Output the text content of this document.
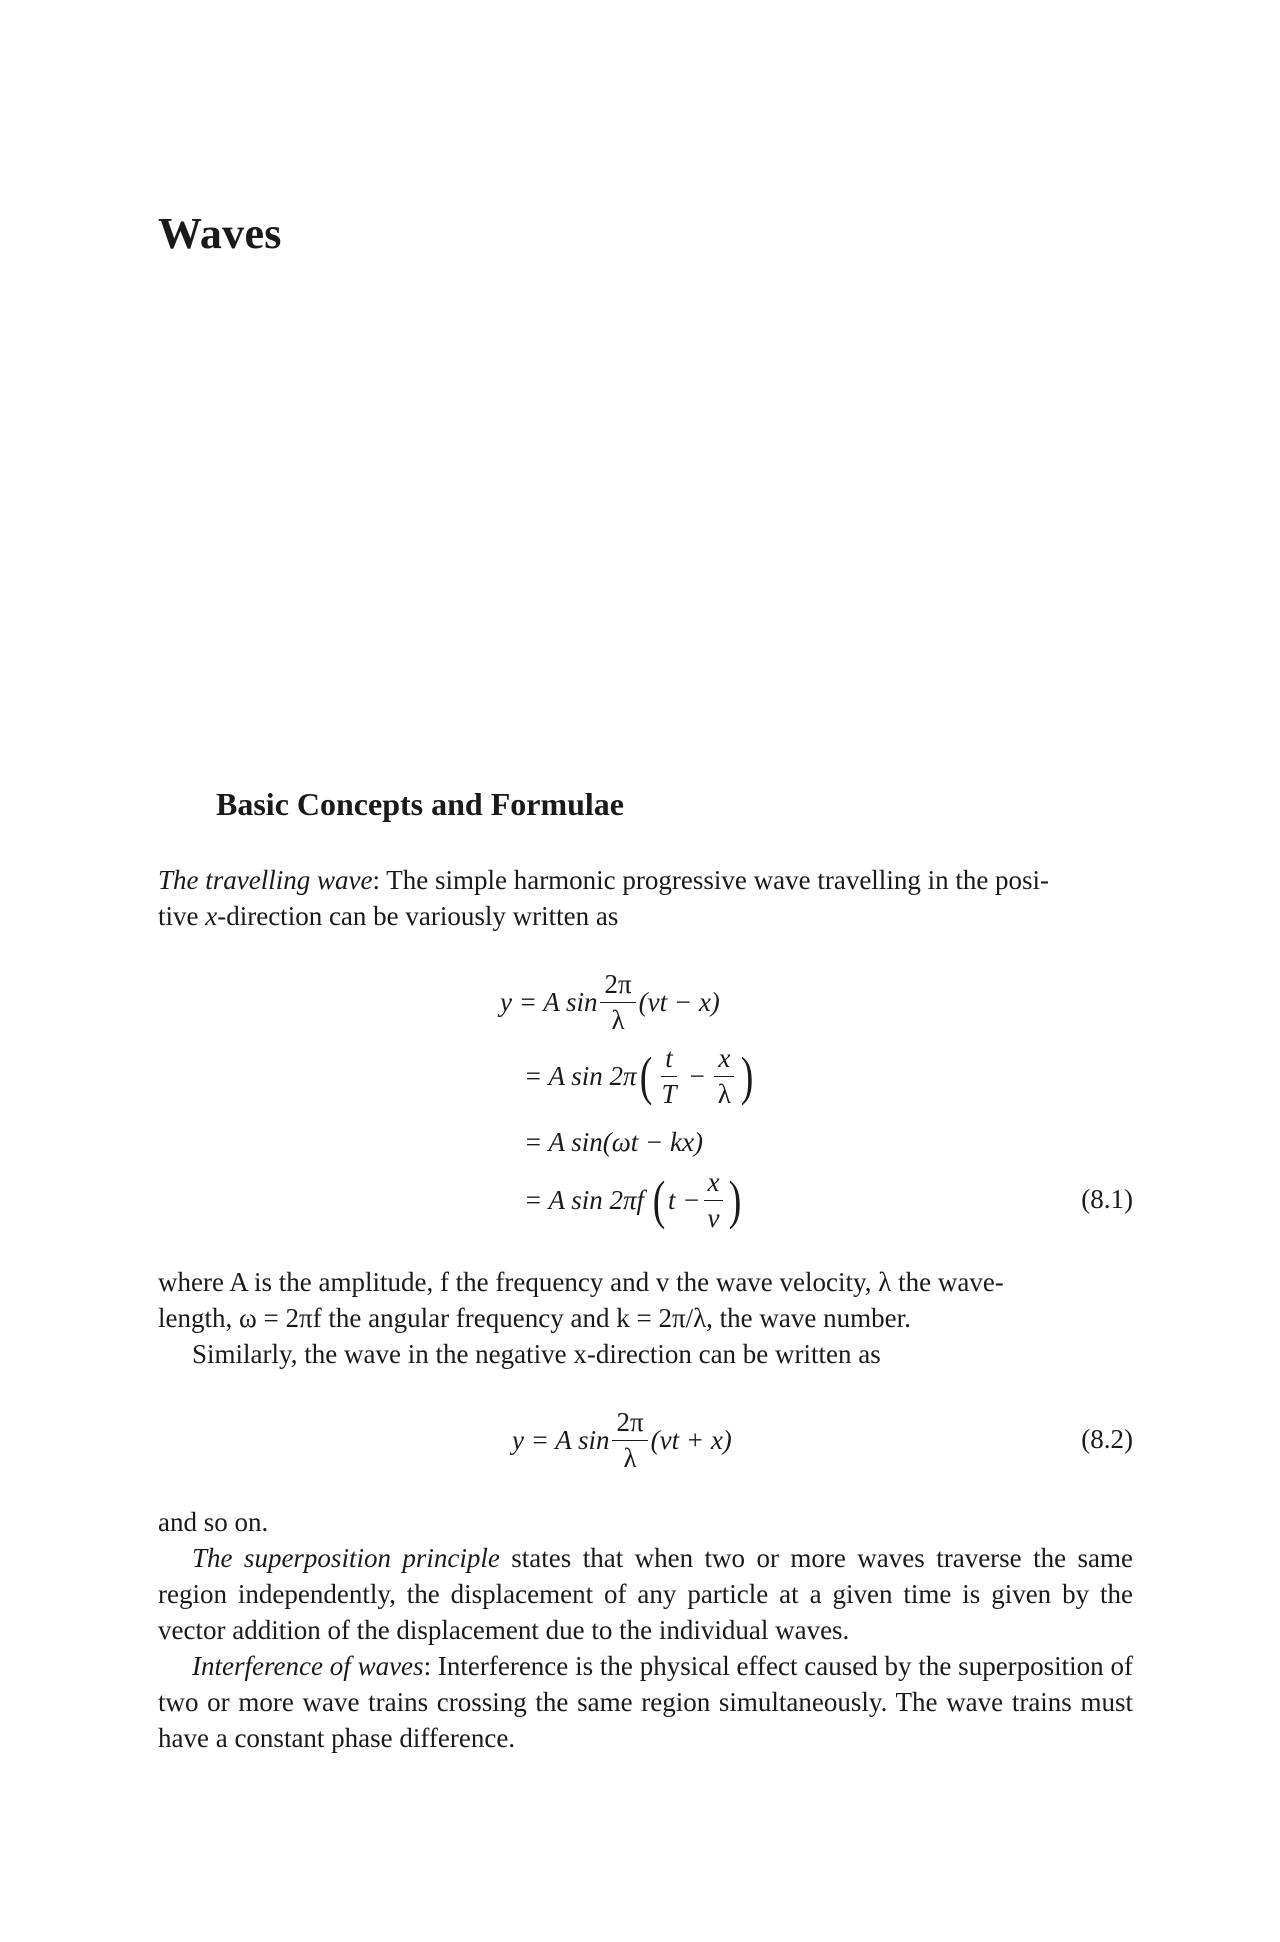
Waves
Basic Concepts and Formulae
The travelling wave: The simple harmonic progressive wave travelling in the posi-
tive x-direction can be variously written as
y = A $\sin \frac{2\pi}{\lambda} (vt - x)$
= A sin 2π ( $\frac{t}{T} - \frac{x}{\lambda}$ )
= A sin(ωt − kx)
= A sin 2πf ( $t - \frac{x}{v}$ )	(8.1)
where A is the amplitude, f the frequency and v the wave velocity, λ the wave-
length, ω = 2πf the angular frequency and k = 2π/λ, the wave number.
Similarly, the wave in the negative x-direction can be written as
y = A $\sin \frac{2\pi}{\lambda} (vt + x)$	(8.2)
and so on.
The superposition principle states that when two or more waves traverse the same region independently, the displacement of any particle at a given time is given by the vector addition of the displacement due to the individual waves.
Interference of waves: Interference is the physical effect caused by the superposition of two or more wave trains crossing the same region simultaneously. The wave trains must have a constant phase difference.
